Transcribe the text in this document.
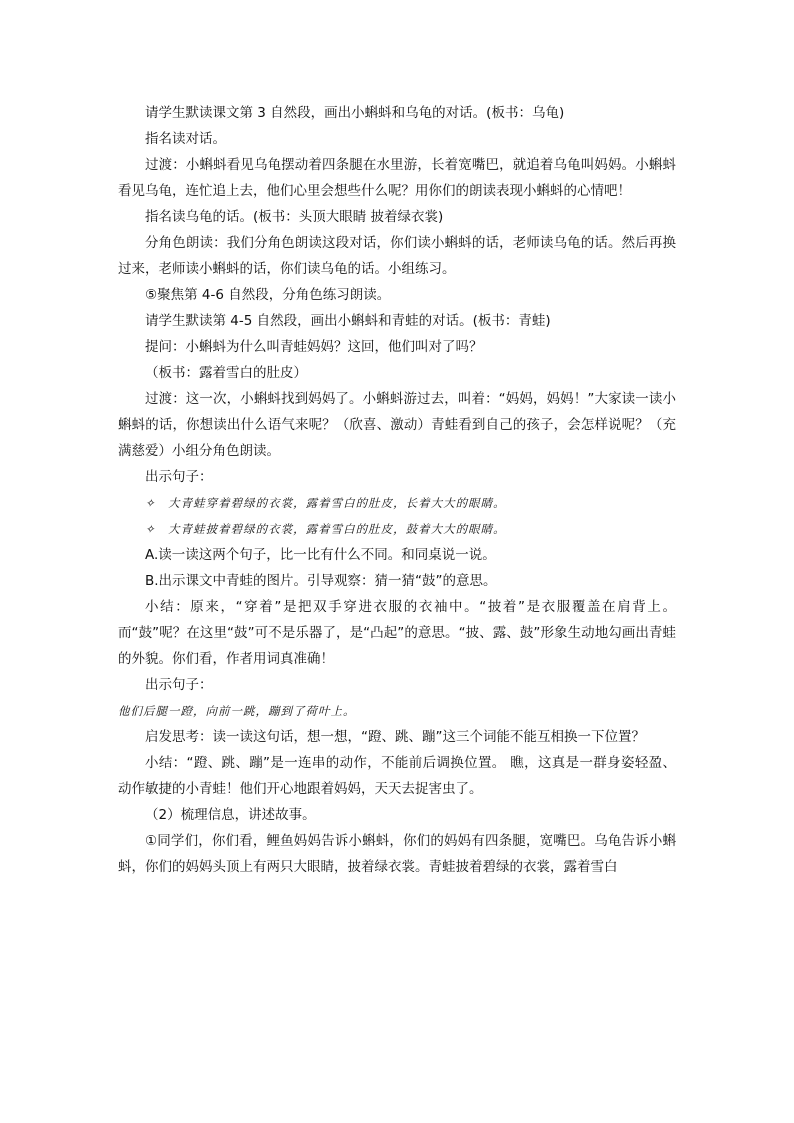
请学生默读课文第 3 自然段，画出小蝌蚪和乌龟的对话。(板书：乌龟)

指名读对话。

过渡：小蝌蚪看见乌龟摆动着四条腿在水里游，长着宽嘴巴，就追着乌龟叫妈妈。小蝌蚪看见乌龟，连忙追上去，他们心里会想些什么呢？用你们的朗读表现小蝌蚪的心情吧！

指名读乌龟的话。(板书：头顶大眼睛 披着绿衣裳)

分角色朗读：我们分角色朗读这段对话，你们读小蝌蚪的话，老师读乌龟的话。然后再换过来，老师读小蝌蚪的话，你们读乌龟的话。小组练习。

⑤聚焦第 4-6 自然段，分角色练习朗读。

请学生默读第 4-5 自然段，画出小蝌蚪和青蛙的对话。(板书：青蛙)

提问：小蝌蚪为什么叫青蛙妈妈？这回，他们叫对了吗？

（板书：露着雪白的肚皮）

过渡：这一次，小蝌蚪找到妈妈了。小蝌蚪游过去，叫着：“妈妈，妈妈！”大家读一读小蝌蚪的话，你想读出什么语气来呢？（欣喜、激动）青蛙看到自己的孩子，会怎样说呢？（充满慈爱）小组分角色朗读。

出示句子：

✧　大青蛙穿着碧绿的衣裳，露着雪白的肚皮，长着大大的眼睛。

✧　大青蛙披着碧绿的衣裳，露着雪白的肚皮，鼓着大大的眼睛。

A.读一读这两个句子，比一比有什么不同。和同桌说一说。

B.出示课文中青蛙的图片。引导观察：猜一猜“鼓”的意思。

小结：原来，“穿着”是把双手穿进衣服的衣袖中。“披着”是衣服覆盖在肩背上。而“鼓”呢？在这里“鼓”可不是乐器了，是“凸起”的意思。“披、露、鼓”形象生动地勾画出青蛙的外貌。你们看，作者用词真准确！

出示句子：

他们后腿一蹬，向前一跳，蹦到了荷叶上。

启发思考：读一读这句话，想一想，“蹬、跳、蹦”这三个词能不能互相换一下位置？

小结：“蹬、跳、蹦”是一连串的动作，不能前后调换位置。 瞧，这真是一群身姿轻盈、动作敏捷的小青蛙！他们开心地跟着妈妈，天天去捉害虫了。

（2）梳理信息，讲述故事。

①同学们，你们看，鲤鱼妈妈告诉小蝌蚪，你们的妈妈有四条腿，宽嘴巴。乌龟告诉小蝌蚪，你们的妈妈头顶上有两只大眼睛，披着绿衣裳。青蛙披着碧绿的衣裳，露着雪白
